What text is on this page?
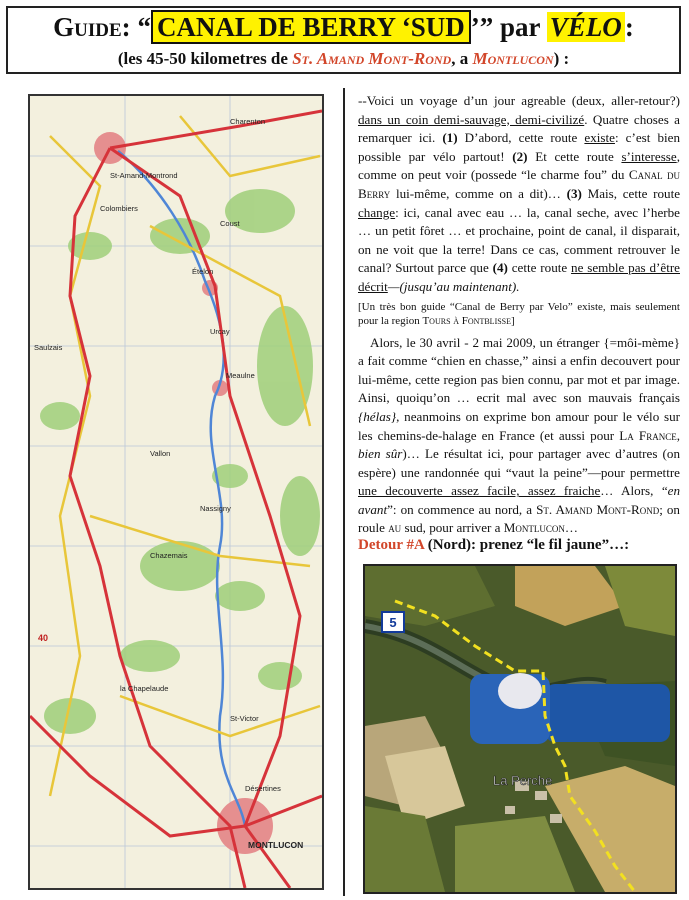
Guide: “ CANAL DE BERRY ‘SUD ’” par VÉLO :
(les 45-50 kilometres de St. Amand Mont-Rond, a Montlucon) :
Charenton
St-Amand-Montrond
Colombiers
Coust
Ételon
Urcay
Meaulne
Saulzais
Vallon
Nassigny
Chazemais
la Chapelaude
St-Victor
Désertines
MONTLUCON
40

--Voici un voyage d’un jour agreable (deux, aller-retour?) dans un coin demi-sauvage, demi-civilizé. Quatre choses a remarquer ici. (1) D’abord, cette route existe: c’est bien possible par vélo partout! (2) Et cette route s’interesse, comme on peut voir (possede “le charme fou” du Canal du Berry lui-même, comme on a dit)… (3) Mais, cette route change: ici, canal avec eau … la, canal seche, avec l’herbe … un petit fôret … et prochaine, point de canal, il disparait, on ne voit que la terre! Dans ce cas, comment retrouver le canal? Surtout parce que (4) cette route ne semble pas d’être décrit—(jusqu’au maintenant).

[Un très bon guide “Canal de Berry par Velo” existe, mais seulement pour la region Tours à Fontblisse]

Alors, le 30 avril - 2 mai 2009, un étranger {=môi-mème} a fait comme “chien en chasse,” ainsi a enfin decouvert pour lui-même, cette region pas bien connu, par mot et par image. Ainsi, quoiqu’on … ecrit mal avec son mauvais français {hélas}, neanmoins on exprime bon amour pour le vélo sur les chemins-de-halage en France (et aussi pour La France, bien sûr)… Le résultat ici, pour partager avec d’autres (on espère) une randonnée qui “vaut la peine”—pour permettre une decouverte assez facile, assez fraiche… Alors, “en avant”: on commence au nord, a St. Amand Mont-Rond; on roule au sud, pour arriver a Montlucon…

Detour #A (Nord): prenez “le fil jaune”…:
5
La Perche
